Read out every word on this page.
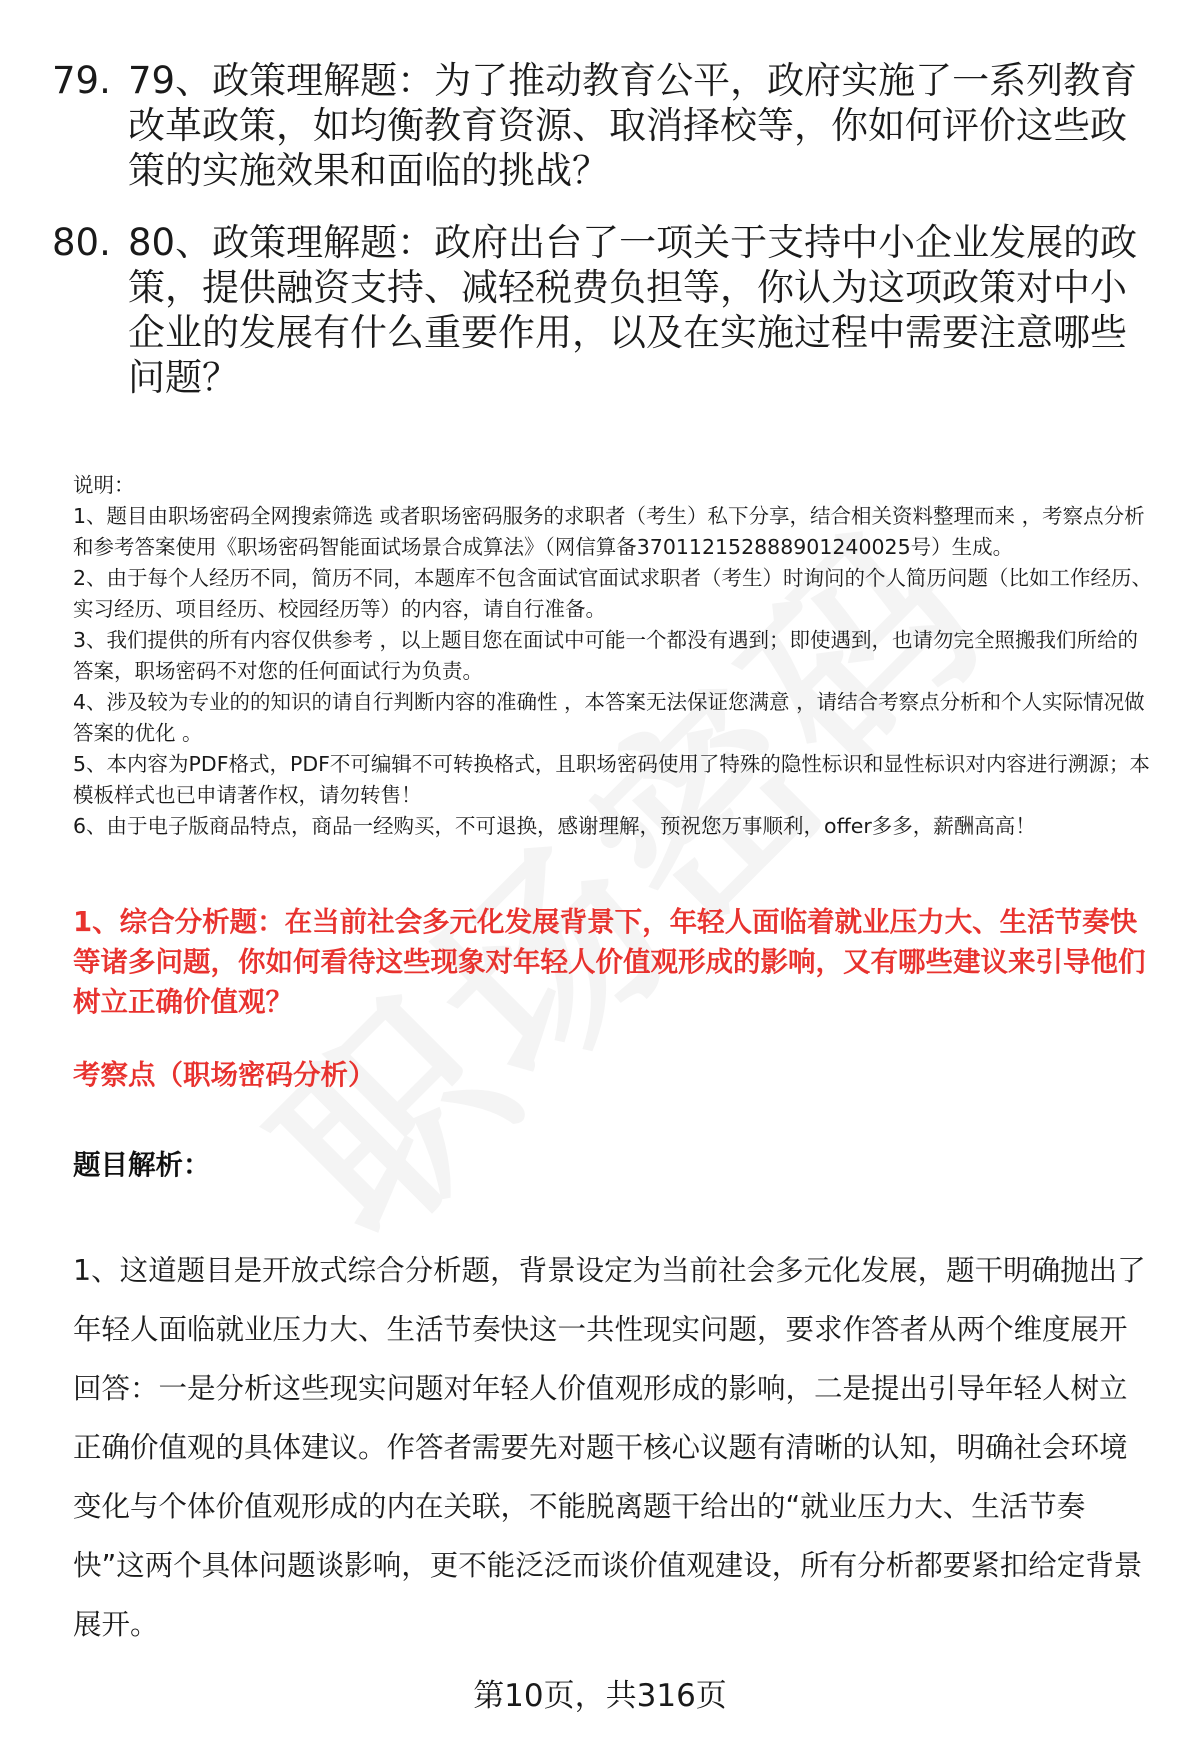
79. 79、政策理解题：为了推动教育公平，政府实施了一系列教育改革政策，如均衡教育资源、取消择校等，你如何评价这些政策的实施效果和面临的挑战？
80. 80、政策理解题：政府出台了一项关于支持中小企业发展的政策，提供融资支持、减轻税费负担等，你认为这项政策对中小企业的发展有什么重要作用，以及在实施过程中需要注意哪些问题？

说明：

1、题目由职场密码全网搜索筛选 或者职场密码服务的求职者（考生）私下分享，结合相关资料整理而来 ，考察点分析和参考答案使用《职场密码智能面试场景合成算法》（网信算备370112152888901240025号）生成。

2、由于每个人经历不同，简历不同，本题库不包含面试官面试求职者（考生）时询问的个人简历问题（比如工作经历、实习经历、项目经历、校园经历等）的内容，请自行准备。

3、我们提供的所有内容仅供参考 ，以上题目您在面试中可能一个都没有遇到；即使遇到，也请勿完全照搬我们所给的答案，职场密码不对您的任何面试行为负责。

4、涉及较为专业的的知识的请自行判断内容的准确性 ，本答案无法保证您满意 ，请结合考察点分析和个人实际情况做答案的优化 。

5、本内容为PDF格式，PDF不可编辑不可转换格式，且职场密码使用了特殊的隐性标识和显性标识对内容进行溯源；本模板样式也已申请著作权，请勿转售！

6、由于电子版商品特点，商品一经购买，不可退换，感谢理解，预祝您万事顺利，offer多多，薪酬高高！

1、综合分析题：在当前社会多元化发展背景下，年轻人面临着就业压力大、生活节奏快等诸多问题，你如何看待这些现象对年轻人价值观形成的影响，又有哪些建议来引导他们树立正确价值观？
考察点（职场密码分析）
题目解析：
1、这道题目是开放式综合分析题，背景设定为当前社会多元化发展，题干明确抛出了年轻人面临就业压力大、生活节奏快这一共性现实问题，要求作答者从两个维度展开回答：一是分析这些现实问题对年轻人价值观形成的影响，二是提出引导年轻人树立正确价值观的具体建议。作答者需要先对题干核心议题有清晰的认知，明确社会环境变化与个体价值观形成的内在关联，不能脱离题干给出的“就业压力大、生活节奏快”这两个具体问题谈影响，更不能泛泛而谈价值观建设，所有分析都要紧扣给定背景展开。
第10页，共316页
